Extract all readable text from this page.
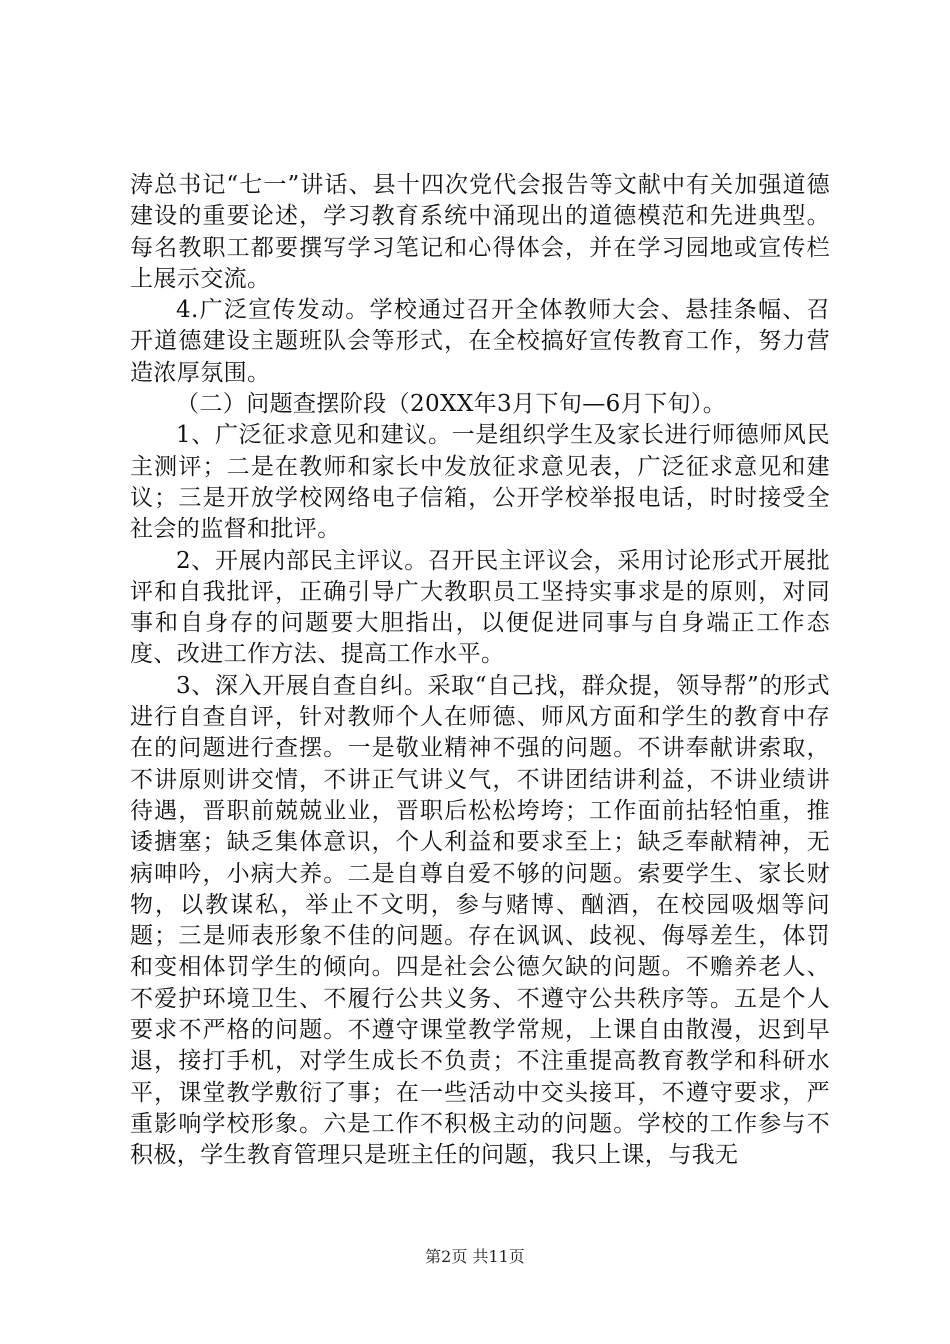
涛总书记“七一”讲话、县十四次党代会报告等文献中有关加强道德建设的重要论述，学习教育系统中涌现出的道德模范和先进典型。每名教职工都要撰写学习笔记和心得体会，并在学习园地或宣传栏上展示交流。

4.广泛宣传发动。学校通过召开全体教师大会、悬挂条幅、召开道德建设主题班队会等形式，在全校搞好宣传教育工作，努力营造浓厚氛围。

（二）问题查摆阶段（20XX年3月下旬—6月下旬）。

1、广泛征求意见和建议。一是组织学生及家长进行师德师风民主测评；二是在教师和家长中发放征求意见表，广泛征求意见和建议；三是开放学校网络电子信箱，公开学校举报电话，时时接受全社会的监督和批评。

2、开展内部民主评议。召开民主评议会，采用讨论形式开展批评和自我批评，正确引导广大教职员工坚持实事求是的原则，对同事和自身存的问题要大胆指出，以便促进同事与自身端正工作态度、改进工作方法、提高工作水平。

3、深入开展自查自纠。采取“自己找，群众提，领导帮”的形式进行自查自评，针对教师个人在师德、师风方面和学生的教育中存在的问题进行查摆。一是敬业精神不强的问题。不讲奉献讲索取，不讲原则讲交情，不讲正气讲义气，不讲团结讲利益，不讲业绩讲待遇，晋职前兢兢业业，晋职后松松垮垮；工作面前拈轻怕重，推诿搪塞；缺乏集体意识，个人利益和要求至上；缺乏奉献精神，无病呻吟，小病大养。二是自尊自爱不够的问题。索要学生、家长财物，以教谋私，举止不文明，参与赌博、酗酒，在校园吸烟等问题；三是师表形象不佳的问题。存在讽讽、歧视、侮辱差生，体罚和变相体罚学生的倾向。四是社会公德欠缺的问题。不赡养老人、不爱护环境卫生、不履行公共义务、不遵守公共秩序等。五是个人要求不严格的问题。不遵守课堂教学常规，上课自由散漫，迟到早退，接打手机，对学生成长不负责；不注重提高教育教学和科研水平，课堂教学敷衍了事；在一些活动中交头接耳，不遵守要求，严重影响学校形象。六是工作不积极主动的问题。学校的工作参与不积极，学生教育管理只是班主任的问题，我只上课，与我无

第2页 共11页
